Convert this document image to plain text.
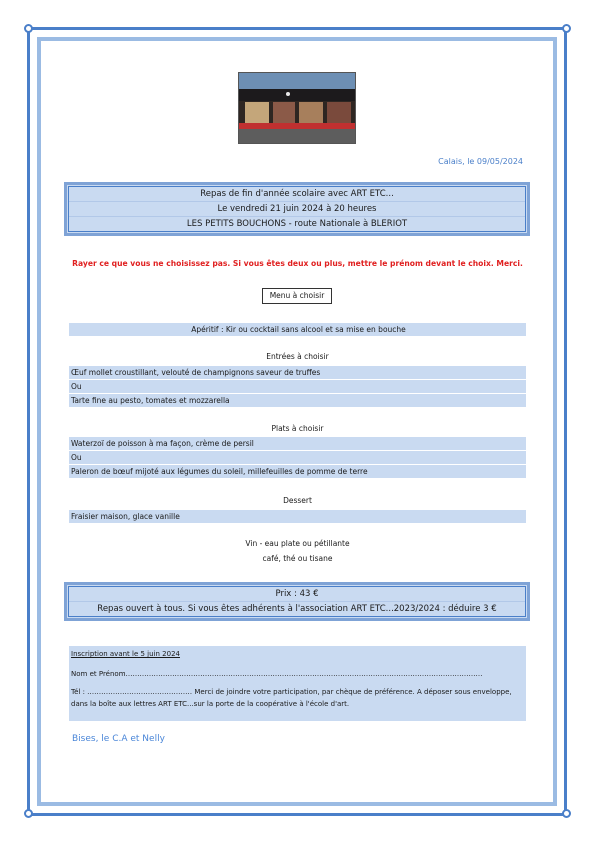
Calais, le 09/05/2024
Repas de fin d'année scolaire avec ART ETC...
Le vendredi 21 juin 2024 à 20 heures
LES PETITS BOUCHONS - route Nationale à BLERIOT
Rayer ce que vous ne choisissez pas. Si vous êtes deux ou plus, mettre le prénom devant le choix. Merci.
Menu à choisir
Apéritif : Kir ou cocktail sans alcool et sa mise en bouche
Entrées à choisir
Œuf mollet croustillant, velouté de champignons saveur de truffes
Ou
Tarte fine au pesto, tomates et mozzarella
Plats à choisir
Waterzoï de poisson à ma façon, crème de persil
Ou
Paleron de bœuf mijoté aux légumes du soleil, millefeuilles de pomme de terre
Dessert
Fraisier maison, glace vanille
Vin - eau plate ou pétillante
café, thé ou tisane
Prix : 43 €
Repas ouvert à tous. Si vous êtes adhérents à l'association ART ETC...2023/2024 : déduire 3 €
Inscription avant le 5 juin 2024
Nom et Prénom………………………………………………………………………………………………………………………………………
Tél : ……………………………………… Merci de joindre votre participation, par chèque de préférence. A déposer sous enveloppe, dans la boîte aux lettres ART ETC...sur la porte de la coopérative à l'école d'art.
Bises, le C.A et Nelly
